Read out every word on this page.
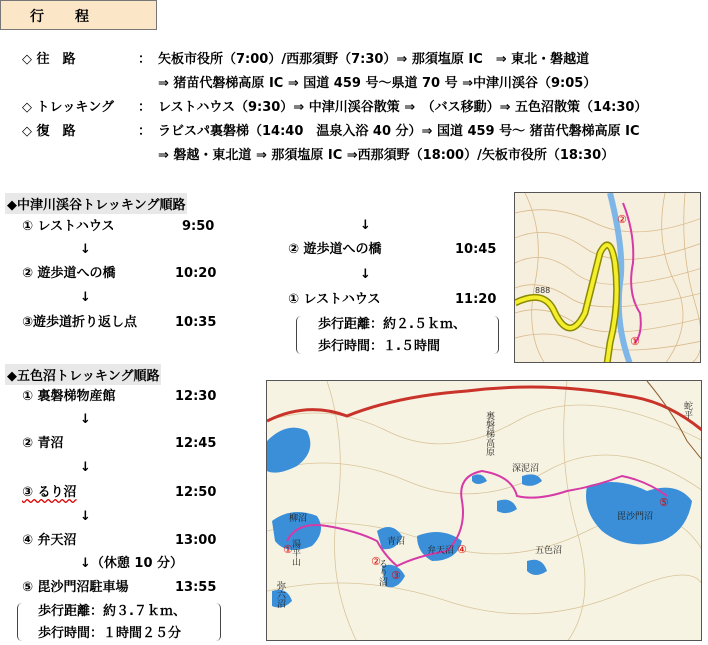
行　　程
◇ 往　路	： 矢板市役所（7:00）/西那須野（7:30）⇒ 那須塩原 IC　⇒ 東北・磐越道
⇒ 猪苗代磐梯高原 IC ⇒ 国道 459 号～県道 70 号 ⇒中津川渓谷（9:05）
◇ トレッキング ： レストハウス（9:30）⇒ 中津川渓谷散策 ⇒　（バス移動）⇒ 五色沼散策（14:30）
◇ 復　路	： ラビスパ裏磐梯（14:40　温泉入浴 40 分）⇒ 国道 459 号～ 猪苗代磐梯高原 IC
⇒ 磐越・東北道 ⇒ 那須塩原 IC ⇒西那須野（18:00）/矢板市役所（18:30）
◆中津川渓谷トレッキング順路
① レストハウス	9:50
↓
② 遊歩道への橋	10:20
↓
③遊歩道折り返し点	10:35
↓
② 遊歩道への橋	10:45
↓
① レストハウス	11:20
歩行距離：約２.５ｋｍ、
歩行時間：１.５時間
◆五色沼トレッキング順路
① 裏磐梯物産館	12:30
↓
② 青沼	12:45
↓
③ るり沼	12:50
↓
④ 弁天沼	13:00
↓（休憩 10 分）
⑤ 毘沙門沼駐車場	13:55
歩行距離：約３.７ｋｍ、
歩行時間：１時間２５分
888
①
②
柳沼
青沼
弁天沼	五色沼
深泥沼
毘沙門沼
るり沼
裏磐梯高原
湯平山
弥六沼
蛇平
①
②
③
④
⑤
